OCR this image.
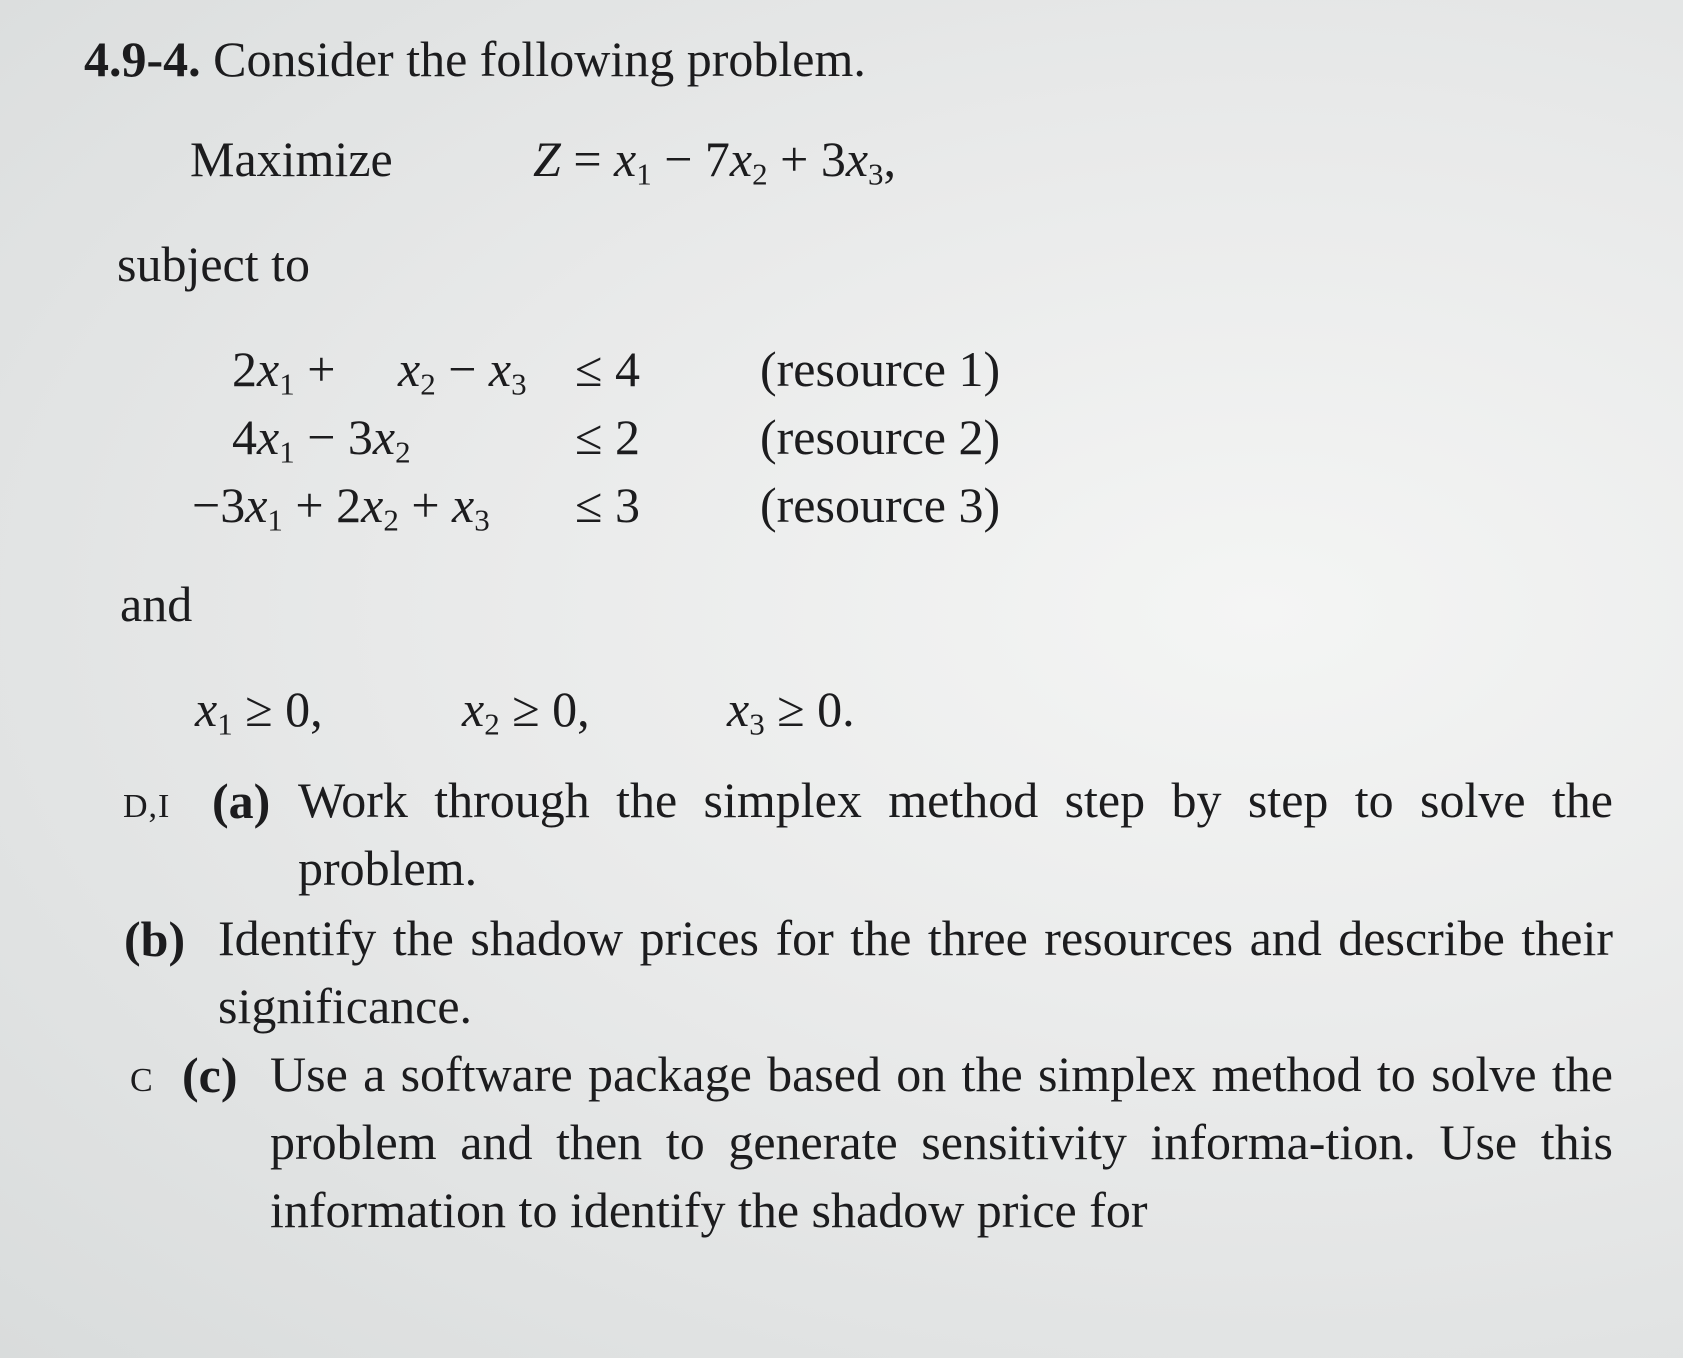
4.9-4. Consider the following problem.
Maximize	$Z = x_1 - 7x_2 + 3x_3$,
subject to
$2x_1 + x_2 - x_3 \le 4$ (resource 1)
$4x_1 - 3x_2$	≤ 2 (resource 2)
$-3x_1 + 2x_2 + x_3 \le 3$ (resource 3)
and
$x_1 \ge 0$,	$x_2 \ge 0$,	$x_3 \ge 0$.
D,I (a) Work through the simplex method step by step to solve the problem.
(b) Identify the shadow prices for the three resources and describe their significance.
C (c) Use a software package based on the simplex method to solve the problem and then to generate sensitivity informa-tion. Use this information to identify the shadow price for
